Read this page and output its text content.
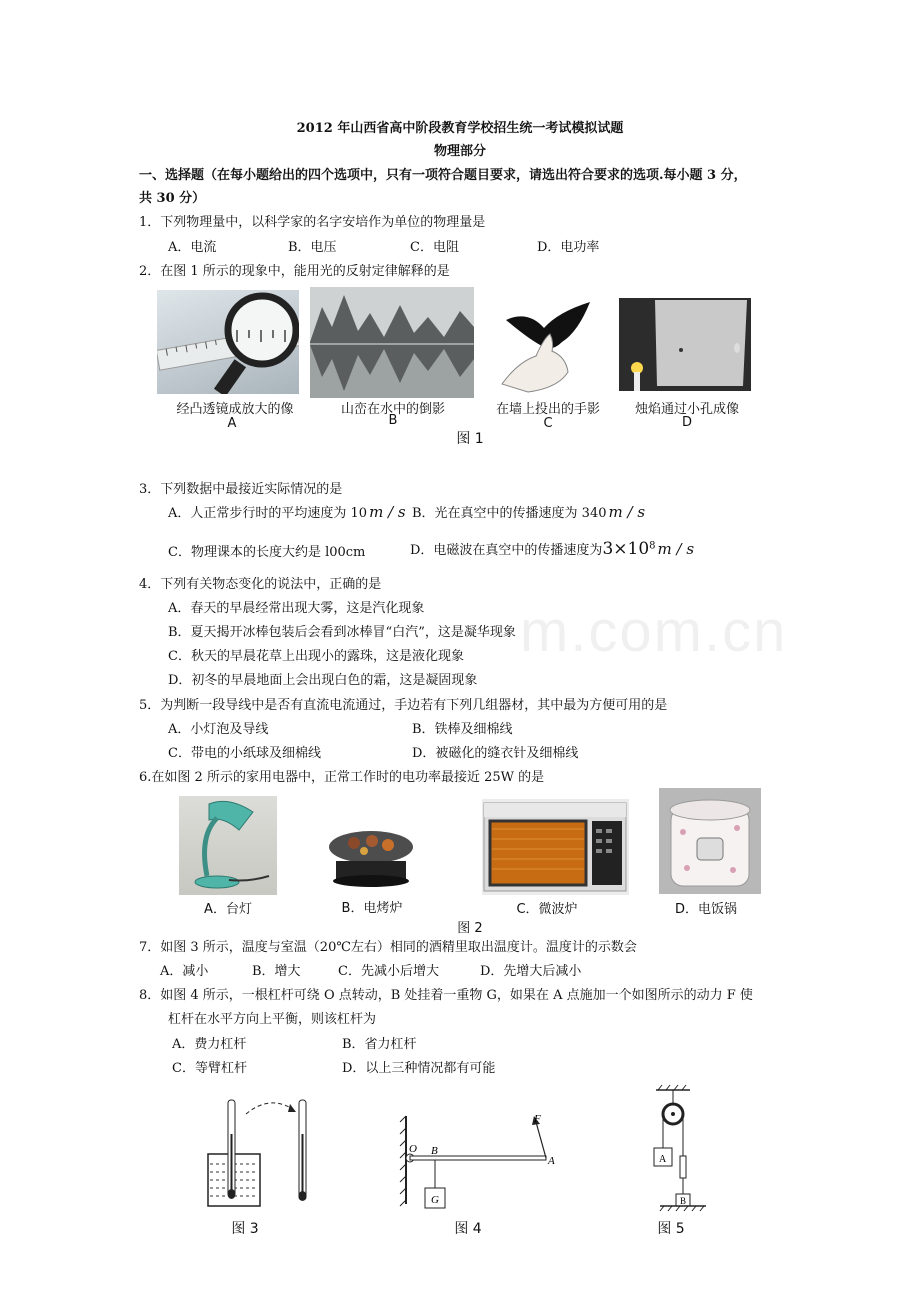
m.com.cn
2012 年山西省高中阶段教育学校招生统一考试模拟试题
物理部分
一、选择题（在每小题给出的四个选项中，只有一项符合题目要求，请选出符合要求的选项.每小题 3 分，
共 30 分）
1．下列物理量中，以科学家的名字安培作为单位的物理量是
A．电流	B．电压	C．电阻	D．电功率
2．在图 1 所示的现象中，能用光的反射定律解释的是
经凸透镜成放大的像
A
山峦在水中的倒影
B
在墙上投出的手影
C
烛焰通过小孔成像
D
图 1
3．下列数据中最接近实际情况的是
A．人正常步行时的平均速度为 10 m / s B．光在真空中的传播速度为 340 m / s
C．物理课本的长度大约是 l00cm	D．电磁波在真空中的传播速度为$3\times 10^8$ m / s
4．下列有关物态变化的说法中，正确的是
A．春天的早晨经常出现大雾，这是汽化现象
B．夏天揭开冰棒包装后会看到冰棒冒“白汽”，这是凝华现象
C．秋天的早晨花草上出现小的露珠，这是液化现象
D．初冬的早晨地面上会出现白色的霜，这是凝固现象
5．为判断一段导线中是否有直流电流通过，手边若有下列几组器材，其中最为方便可用的是
A．小灯泡及导线	B．铁棒及细棉线
C．带电的小纸球及细棉线	D．被磁化的缝衣针及细棉线
6.在如图 2 所示的家用电器中，正常工作时的电功率最接近 25W 的是
A．台灯	B．电烤炉	C．微波炉	D．电饭锅
图 2
7．如图 3 所示，温度与室温（20℃左右）相同的酒精里取出温度计。温度计的示数会
A．减小	B．增大	C．先减小后增大	D．先增大后减小
8．如图 4 所示，一根杠杆可绕 O 点转动，B 处挂着一重物 G，如果在 A 点施加一个如图所示的动力 F 使
杠杆在水平方向上平衡，则该杠杆为
A．费力杠杆	B．省力杠杆
C．等臂杠杆	D．以上三种情况都有可能
图 3
O B
A
F
G
图 4
A
B
图 5
